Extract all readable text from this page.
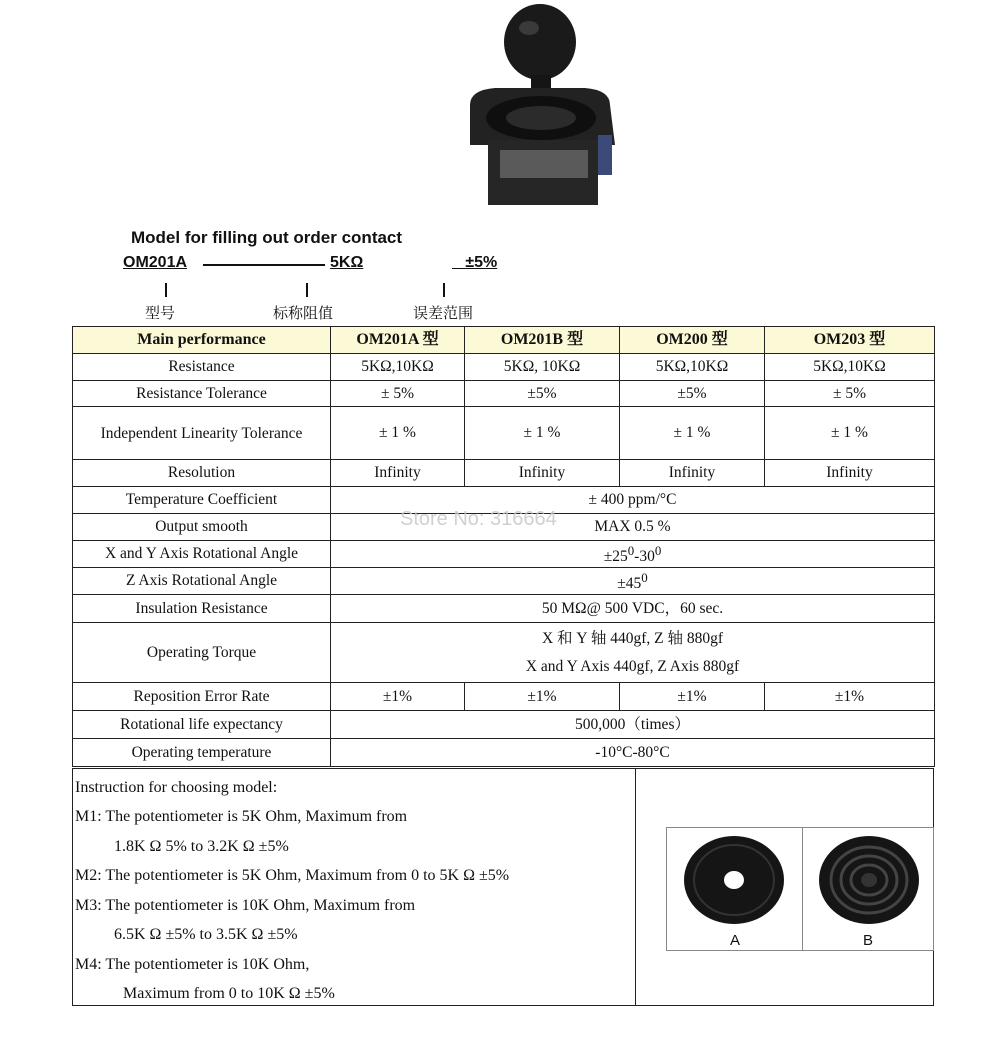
Model for filling out order contact
OM201A	5KΩ	±5%
型号	标称阻值	误差范围
Main performance	OM201A 型	OM201B 型	OM200 型	OM203 型
Resistance	5KΩ,10KΩ	5KΩ, 10KΩ	5KΩ,10KΩ	5KΩ,10KΩ
Resistance Tolerance	± 5%	±5%	±5%	± 5%
Independent Linearity Tolerance	± 1 %	± 1 %	± 1 %	± 1 %
Resolution	Infinity	Infinity	Infinity	Infinity
Temperature Coefficient	± 400 ppm/°C			
Output smooth	MAX 0.5 %			
X and Y Axis Rotational Angle	$\pm 25^0-30^0$
Z Axis Rotational Angle	$\pm 45^0$
Insulation Resistance	50 MΩ@ 500 VDC，60 sec.			
Operating Torque	X 和 Y 轴 440gf, Z 轴 880gf
X and Y Axis 440gf, Z Axis 880gf			

Reposition Error Rate	±1%	±1%	±1%	±1%
Rotational life expectancy	500,000（times）			
Operating temperature	-10°C-80°C			
Instruction for choosing model:
M1: The potentiometer is 5K Ohm, Maximum from
1.8K Ω 5% to 3.2K Ω ±5%
M2: The potentiometer is 5K Ohm, Maximum from 0 to 5K Ω ±5%
M3: The potentiometer is 10K Ohm, Maximum from
6.5K Ω ±5% to 3.5K Ω ±5%
M4: The potentiometer is 10K Ohm,
Maximum from 0 to 10K Ω ±5%
A	B
Store No: 316664
